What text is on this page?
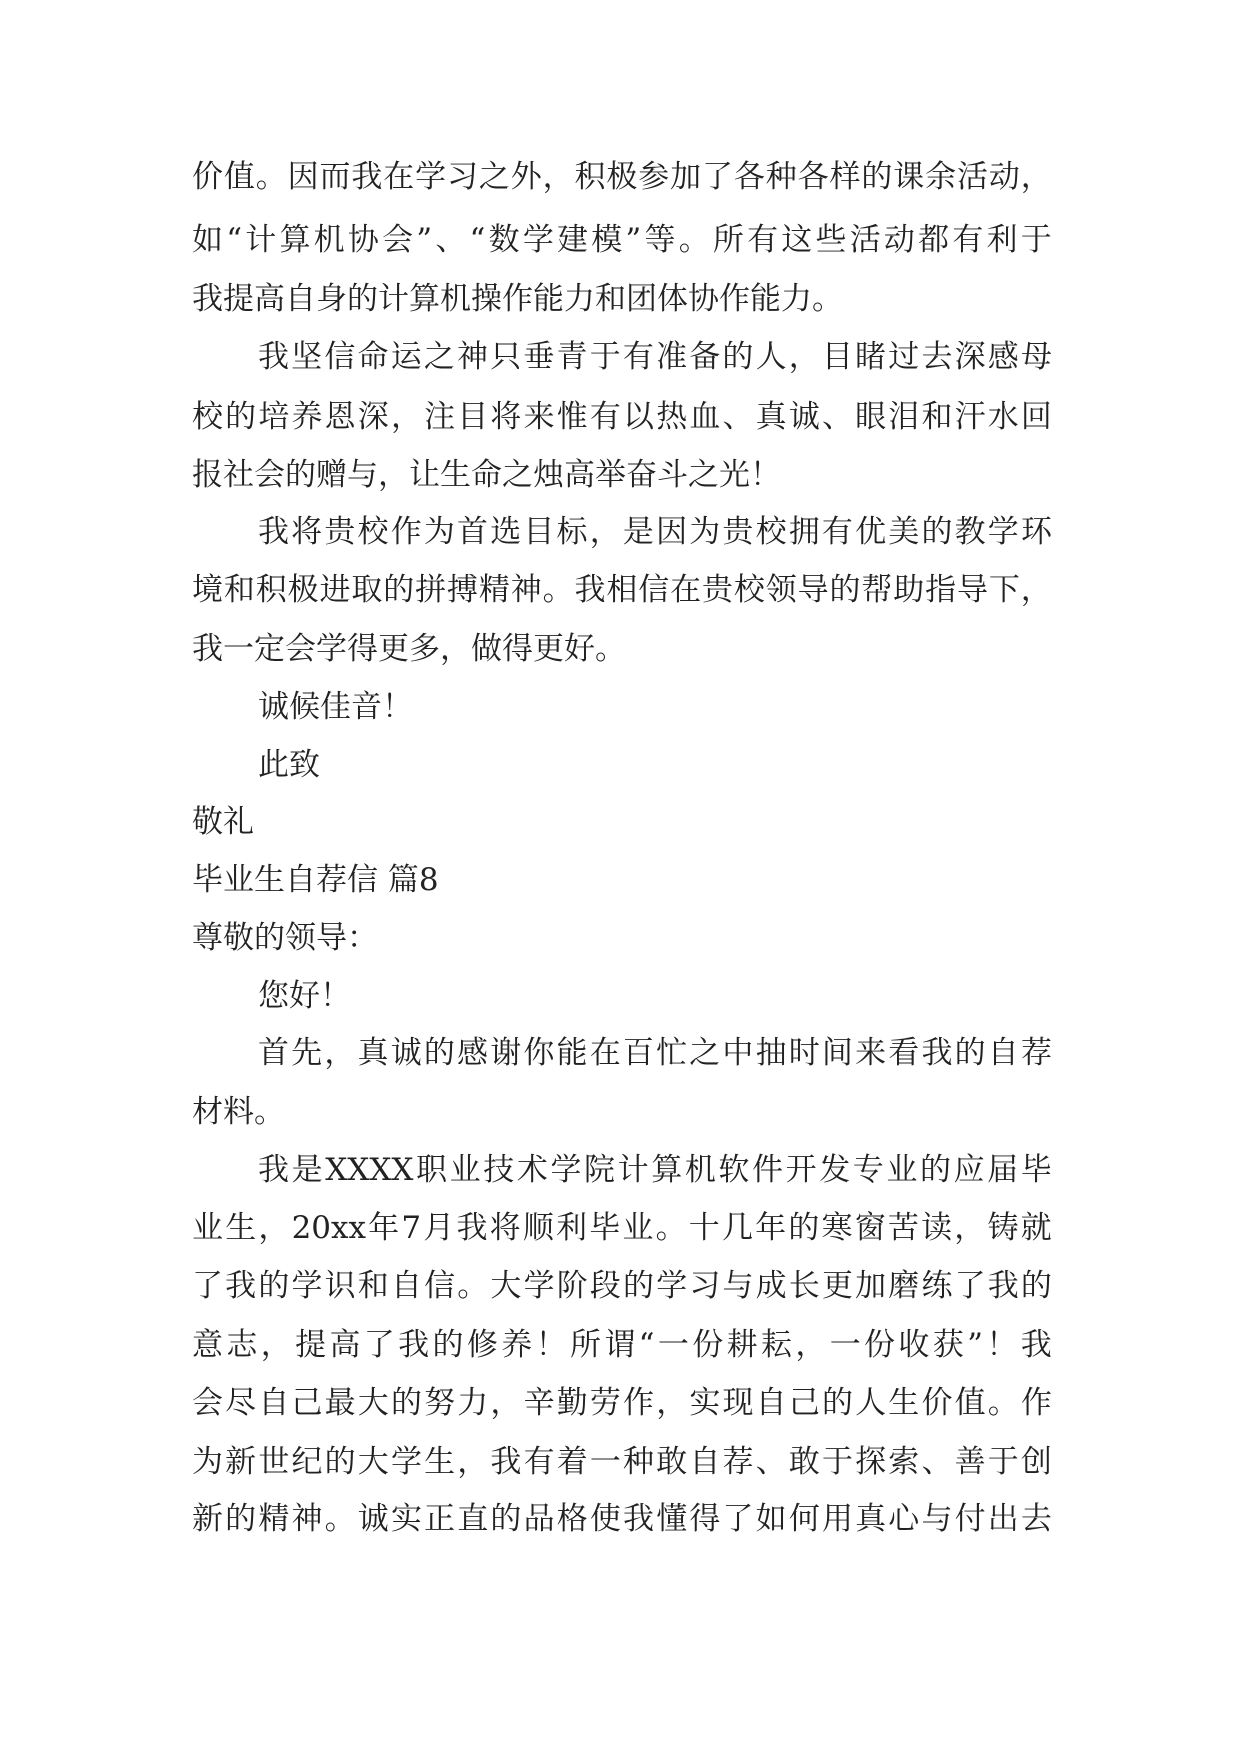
价 值 。 因 而 我 在 学 习 之 外 ， 积 极 参 加 了 各 种 各 样 的 课 余 活 动 ，
如 “ 计 算 机 协 会 ” 、 “ 数 学 建 模 ” 等 。 所 有 这 些 活 动 都 有 利 于
我提高自身的计算机操作能力和团体协作能力。
我 坚 信 命 运 之 神 只 垂 青 于 有 准 备 的 人 ， 目 睹 过 去 深 感 母
校 的 培 养 恩 深 ， 注 目 将 来 惟 有 以 热 血 、 真 诚 、 眼 泪 和 汗 水 回
报社会的赠与，让生命之烛高举奋斗之光！
我 将 贵 校 作 为 首 选 目 标 ， 是 因 为 贵 校 拥 有 优 美 的 教 学 环
境 和 积 极 进 取 的 拼 搏 精 神 。 我 相 信 在 贵 校 领 导 的 帮 助 指 导 下 ，
我一定会学得更多，做得更好。
诚候佳音！
此致
敬礼
毕业生自荐信 篇8
尊敬的领导：
您好！
首 先 ， 真 诚 的 感 谢 你 能 在 百 忙 之 中 抽 时 间 来 看 我 的 自 荐
材料。
我 是 XXXX 职 业 技 术 学 院 计 算 机 软 件 开 发 专 业 的 应 届 毕
业 生 ， 20xx 年 7 月 我 将 顺 利 毕 业 。 十 几 年 的 寒 窗 苦 读 ， 铸 就
了 我 的 学 识 和 自 信 。 大 学 阶 段 的 学 习 与 成 长 更 加 磨 练 了 我 的
意 志 ， 提 高 了 我 的 修 养 ！ 所 谓 “ 一 份 耕 耘 ， 一 份 收 获 ” ！ 我
会 尽 自 己 最 大 的 努 力 ， 辛 勤 劳 作 ， 实 现 自 己 的 人 生 价 值 。 作
为 新 世 纪 的 大 学 生 ， 我 有 着 一 种 敢 自 荐 、 敢 于 探 索 、 善 于 创
新 的 精 神 。 诚 实 正 直 的 品 格 使 我 懂 得 了 如 何 用 真 心 与 付 出 去
